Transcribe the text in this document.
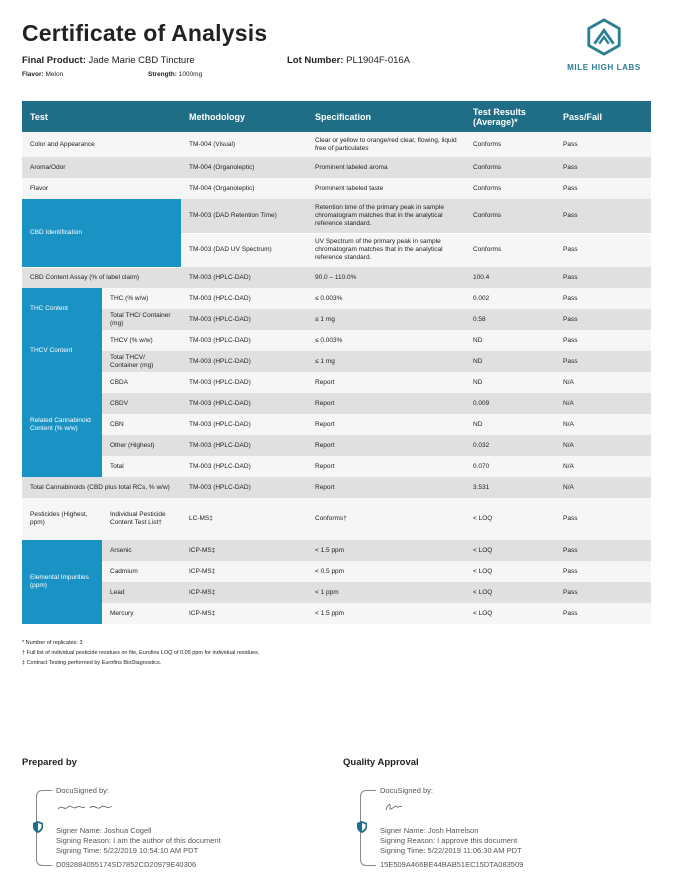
Certificate of Analysis
Final Product: Jade Marie CBD Tincture	Lot Number: PL1904F-016A
Flavor: Melon	Strength: 1000mg
MILE HIGH LABS
Test		Methodology	Specification	Test Results (Average)*	Pass/Fail
Color and Appearance		TM-004 (Visual)	Clear or yellow to orange/red clear, flowing, liquid free of particulates	Conforms	Pass
Aroma/Odor		TM-004 (Organoleptic)	Prominent labeled aroma	Conforms	Pass
Flavor		TM-004 (Organoleptic)	Prominent labeled taste	Conforms	Pass
CBD Identification		TM-003 (DAD Retention Time)	Retention time of the primary peak in sample chromatogram matches that in the analytical reference standard.	Conforms	Pass
		TM-003 (DAD UV Spectrum)	UV Spectrum of the primary peak in sample chromatogram matches that in the analytical reference standard.	Conforms	Pass
CBD Content Assay (% of label claim)		TM-003 (HPLC-DAD)	90.0 – 110.0%	100.4	Pass
THC Content	THC (% w/w)	TM-003 (HPLC-DAD)	≤ 0.003%	0.002	Pass
	Total THC/ Container (mg)	TM-003 (HPLC-DAD)	≤ 1 mg	0.58	Pass
THCV Content	THCV (% w/w)	TM-003 (HPLC-DAD)	≤ 0.003%	ND	Pass
	Total THCV/ Container (mg)	TM-003 (HPLC-DAD)	≤ 1 mg	ND	Pass
Related Cannabinoid Content (% w/w)	CBDA	TM-003 (HPLC-DAD)	Report	ND	N/A
	CBDV	TM-003 (HPLC-DAD)	Report	0.009	N/A
	CBN	TM-003 (HPLC-DAD)	Report	ND	N/A
	Other (Highest)	TM-003 (HPLC-DAD)	Report	0.032	N/A
	Total	TM-003 (HPLC-DAD)	Report	0.070	N/A
Total Cannabinoids (CBD plus total RCs, % w/w)		TM-003 (HPLC-DAD)	Report	3.531	N/A
Pesticides (Highest, ppm)	Individual Pesticide Content Test List†	LC-MS‡	Conforms†	< LOQ	Pass
Elemental Impurities (ppm)	Arsenic	ICP-MS‡	< 1.5 ppm	< LOQ	Pass
	Cadmium	ICP-MS‡	< 0.5 ppm	< LOQ	Pass
	Lead	ICP-MS‡	< 1 ppm	< LOQ	Pass
	Mercury	ICP-MS‡	< 1.5 ppm	< LOQ	Pass
* Number of replicates: 3
† Full list of individual pesticide residues on file, Eurofins LOQ of 0.05 ppm for individual residues.
‡ Contract Testing performed by Eurofins BioDiagnostics.
Prepared by	Quality Approval
DocuSigned by:
Signer Name: Joshua Cogell
Signing Reason: I am the author of this document
Signing Time: 5/22/2019 10:54:10 AM PDT
D092884055174SD7852CD20979E40306
DocuSigned by:
Signer Name: Josh Harrelson
Signing Reason: I approve this document
Signing Time: 5/22/2019 11:06:30 AM PDT
15E509A466BE44BAB51EC15DTA083509
